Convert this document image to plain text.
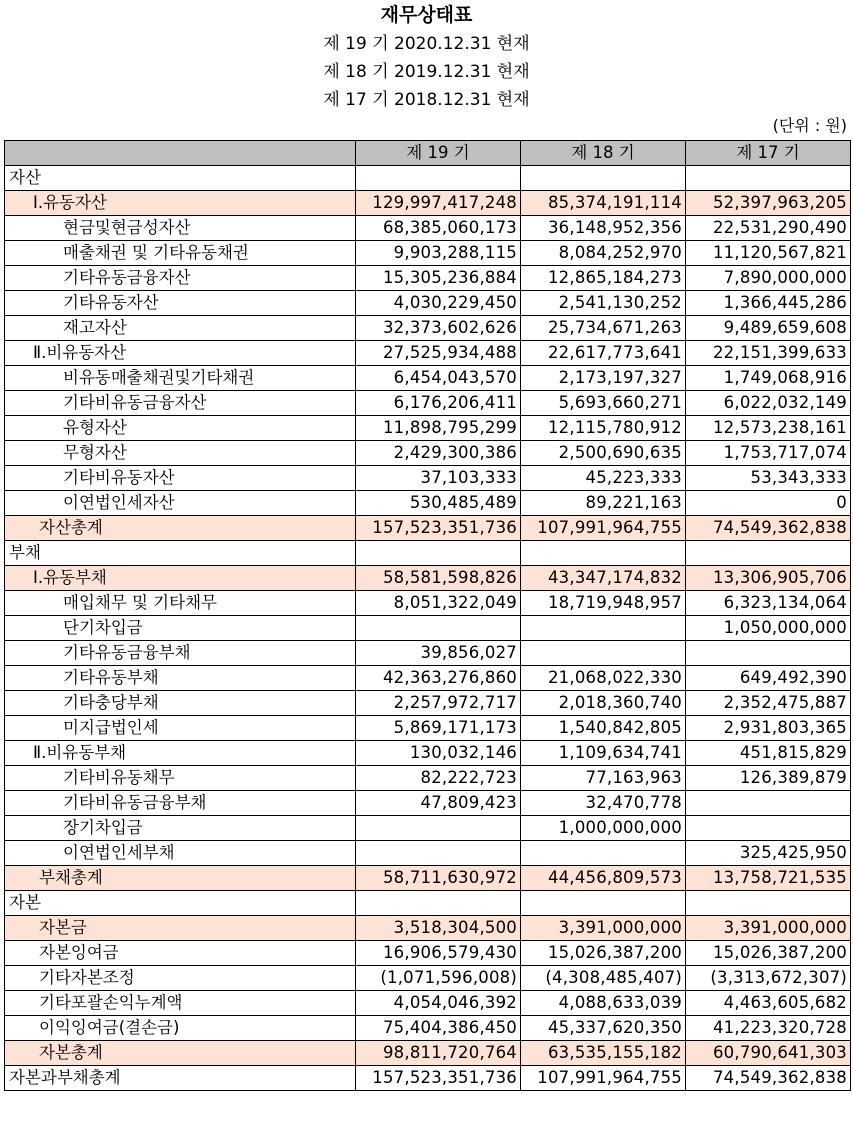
재무상태표
제 19 기 2020.12.31 현재
제 18 기 2019.12.31 현재
제 17 기 2018.12.31 현재
(단위 : 원)
	제 19 기	제 18 기	제 17 기
자산			
Ⅰ.유동자산	129,997,417,248	85,374,191,114	52,397,963,205
현금및현금성자산	68,385,060,173	36,148,952,356	22,531,290,490
매출채권 및 기타유동채권	9,903,288,115	8,084,252,970	11,120,567,821
기타유동금융자산	15,305,236,884	12,865,184,273	7,890,000,000
기타유동자산	4,030,229,450	2,541,130,252	1,366,445,286
재고자산	32,373,602,626	25,734,671,263	9,489,659,608
Ⅱ.비유동자산	27,525,934,488	22,617,773,641	22,151,399,633
비유동매출채권및기타채권	6,454,043,570	2,173,197,327	1,749,068,916
기타비유동금융자산	6,176,206,411	5,693,660,271	6,022,032,149
유형자산	11,898,795,299	12,115,780,912	12,573,238,161
무형자산	2,429,300,386	2,500,690,635	1,753,717,074
기타비유동자산	37,103,333	45,223,333	53,343,333
이연법인세자산	530,485,489	89,221,163	0
자산총계	157,523,351,736	107,991,964,755	74,549,362,838
부채			
Ⅰ.유동부채	58,581,598,826	43,347,174,832	13,306,905,706
매입채무 및 기타채무	8,051,322,049	18,719,948,957	6,323,134,064
단기차입금			1,050,000,000
기타유동금융부채	39,856,027		
기타유동부채	42,363,276,860	21,068,022,330	649,492,390
기타충당부채	2,257,972,717	2,018,360,740	2,352,475,887
미지급법인세	5,869,171,173	1,540,842,805	2,931,803,365
Ⅱ.비유동부채	130,032,146	1,109,634,741	451,815,829
기타비유동채무	82,222,723	77,163,963	126,389,879
기타비유동금융부채	47,809,423	32,470,778	
장기차입금		1,000,000,000	
이연법인세부채			325,425,950
부채총계	58,711,630,972	44,456,809,573	13,758,721,535
자본			
자본금	3,518,304,500	3,391,000,000	3,391,000,000
자본잉여금	16,906,579,430	15,026,387,200	15,026,387,200
기타자본조정	(1,071,596,008)	(4,308,485,407)	(3,313,672,307)
기타포괄손익누계액	4,054,046,392	4,088,633,039	4,463,605,682
이익잉여금(결손금)	75,404,386,450	45,337,620,350	41,223,320,728
자본총계	98,811,720,764	63,535,155,182	60,790,641,303
자본과부채총계	157,523,351,736	107,991,964,755	74,549,362,838
